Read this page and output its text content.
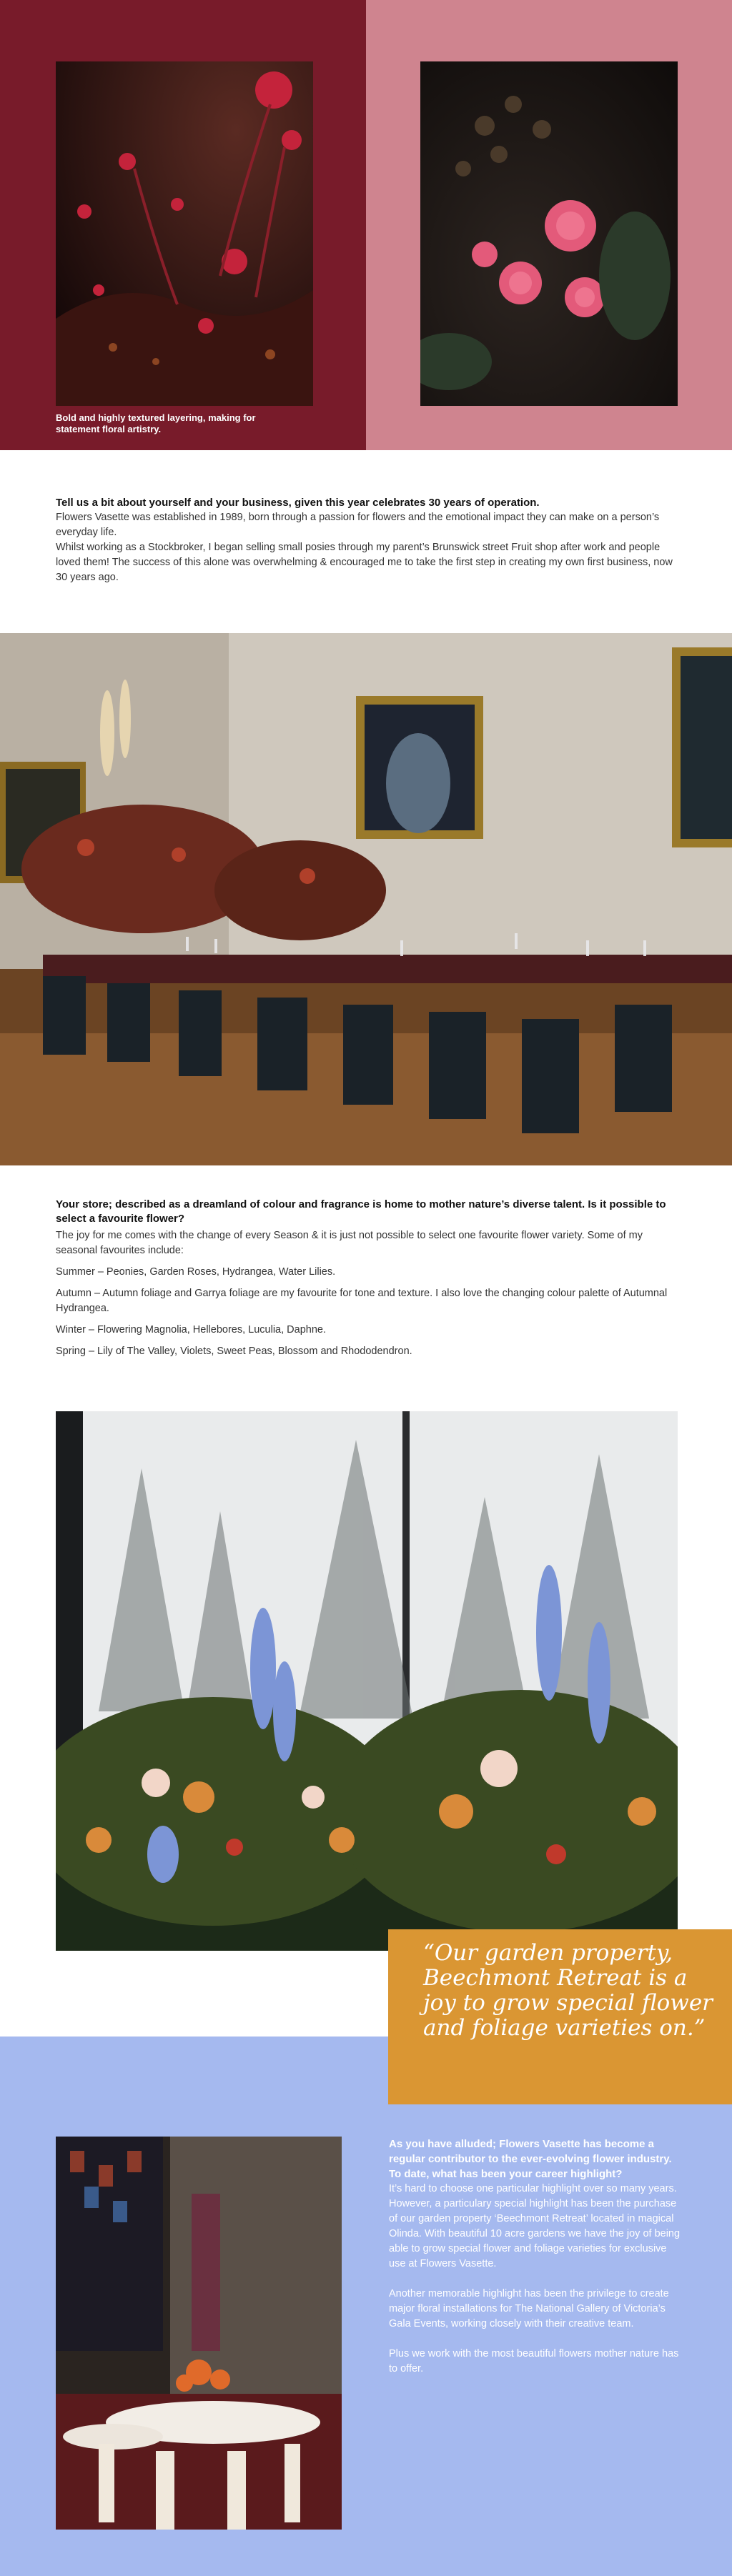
Bold and highly textured layering, making for statement floral artistry.

Tell us a bit about yourself and your business, given this year celebrates 30 years of operation.

Flowers Vasette was established in 1989, born through a passion for flowers and the emotional impact they can make on a person’s everyday life.

Whilst working as a Stockbroker, I began selling small posies through my parent’s Brunswick street Fruit shop after work and people loved them! The success of this alone was overwhelming & encouraged me to take the first step in creating my own first business, now 30 years ago.

Your store; described as a dreamland of colour and fragrance is home to mother nature’s diverse talent. Is it possible to select a favourite flower?

The joy for me comes with the change of every Season & it is just not possible to select one favourite flower variety. Some of my seasonal favourites include:

Summer – Peonies, Garden Roses, Hydrangea, Water Lilies.

Autumn – Autumn foliage and Garrya foliage are my favourite for tone and texture. I also love the changing colour palette of Autumnal Hydrangea.

Winter – Flowering Magnolia, Hellebores, Luculia, Daphne.

Spring – Lily of The Valley, Violets, Sweet Peas, Blossom and Rhododendron.

“Our garden property, Beechmont Retreat is a joy to grow special flower and foliage varieties on.”

As you have alluded; Flowers Vasette has become a regular contributor to the ever-evolving flower industry. To date, what has been your career highlight?

It’s hard to choose one particular highlight over so many years. However, a particulary special highlight has been the purchase of our garden property ‘Beechmont Retreat’ located in magical Olinda. With beautiful 10 acre gardens we have the joy of being able to grow special flower and foliage varieties for exclusive use at Flowers Vasette.

Another memorable highlight has been the privilege to create major floral installations for The National Gallery of Victoria’s Gala Events, working closely with their creative team.

Plus we work with the most beautiful flowers mother nature has to offer.
